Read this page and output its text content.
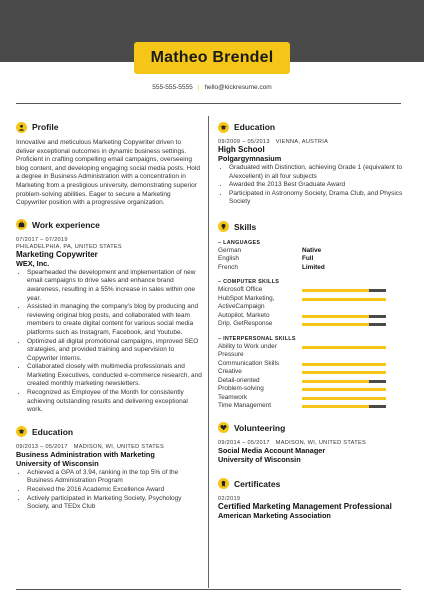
Matheo Brendel
555-555-5555 | hello@kickresume.com
Profile
Innovative and meticulous Marketing Copywriter driven to deliver exceptional outcomes in dynamic business settings. Proficient in crafting compelling email campaigns, overseeing blog content, and developing engaging social media posts. Hold a degree in Business Administration with a concentration in Marketing from a prestigious university, demonstrating superior problem-solving abilities. Eager to secure a Marketing Copywriter position with a progressive organization.
Work experience
07/2017 – 07/2019
PHILADELPHIA, PA, UNITED STATES
Marketing Copywriter
WEX, Inc.
• Spearheaded the development and implementation of new email campaigns to drive sales and enhance brand awareness, resulting in a 55% increase in sales within one year.
• Assisted in managing the company's blog by producing and reviewing original blog posts, and collaborated with team members to create digital content for various social media platforms such as Instagram, Facebook, and Youtube.
• Optimized all digital promotional campaigns, improved SEO strategies, and provided training and supervision to Copywriter Interns.
• Collaborated closely with multimedia professionals and Marketing Executives, conducted e-commerce research, and created monthly marketing newsletters.
• Recognized as Employee of the Month for consistently achieving outstanding results and delivering exceptional work.
Education
09/2013 – 05/2017 MADISON, WI, UNITED STATES
Business Administration with Marketing
University of Wisconsin
• Achieved a GPA of 3.94, ranking in the top 5% of the Business Administration Program
• Received the 2016 Academic Excellence Award
• Actively participated in Marketing Society, Psychology Society, and TEDx Club
Education
09/2009 – 05/2013 VIENNA, AUSTRIA
High School
Polgargymnasium
• Graduated with Distinction, achieving Grade 1 (equivalent to A/excellent) in all four subjects
• Awarded the 2013 Best Graduate Award
• Participated in Astronomy Society, Drama Club, and Physics Society
Skills
– LANGUAGES
German	Native
English	Full
French	Limited
– COMPUTER SKILLS
Microsoft Office
HubSpot Marketing,
ActiveCampaign
Autopilot, Marketo
Drip, GetResponse
– INTERPERSONAL SKILLS
Ability to Work under
Pressure
Communication Skills
Creative
Detail-oriented
Problem-solving
Teamwork
Time Management
Volunteering
09/2014 – 05/2017 MADISON, WI, UNITED STATES
Social Media Account Manager
University of Wisconsin
Certificates
02/2019
Certified Marketing Management Professional
American Marketing Association
